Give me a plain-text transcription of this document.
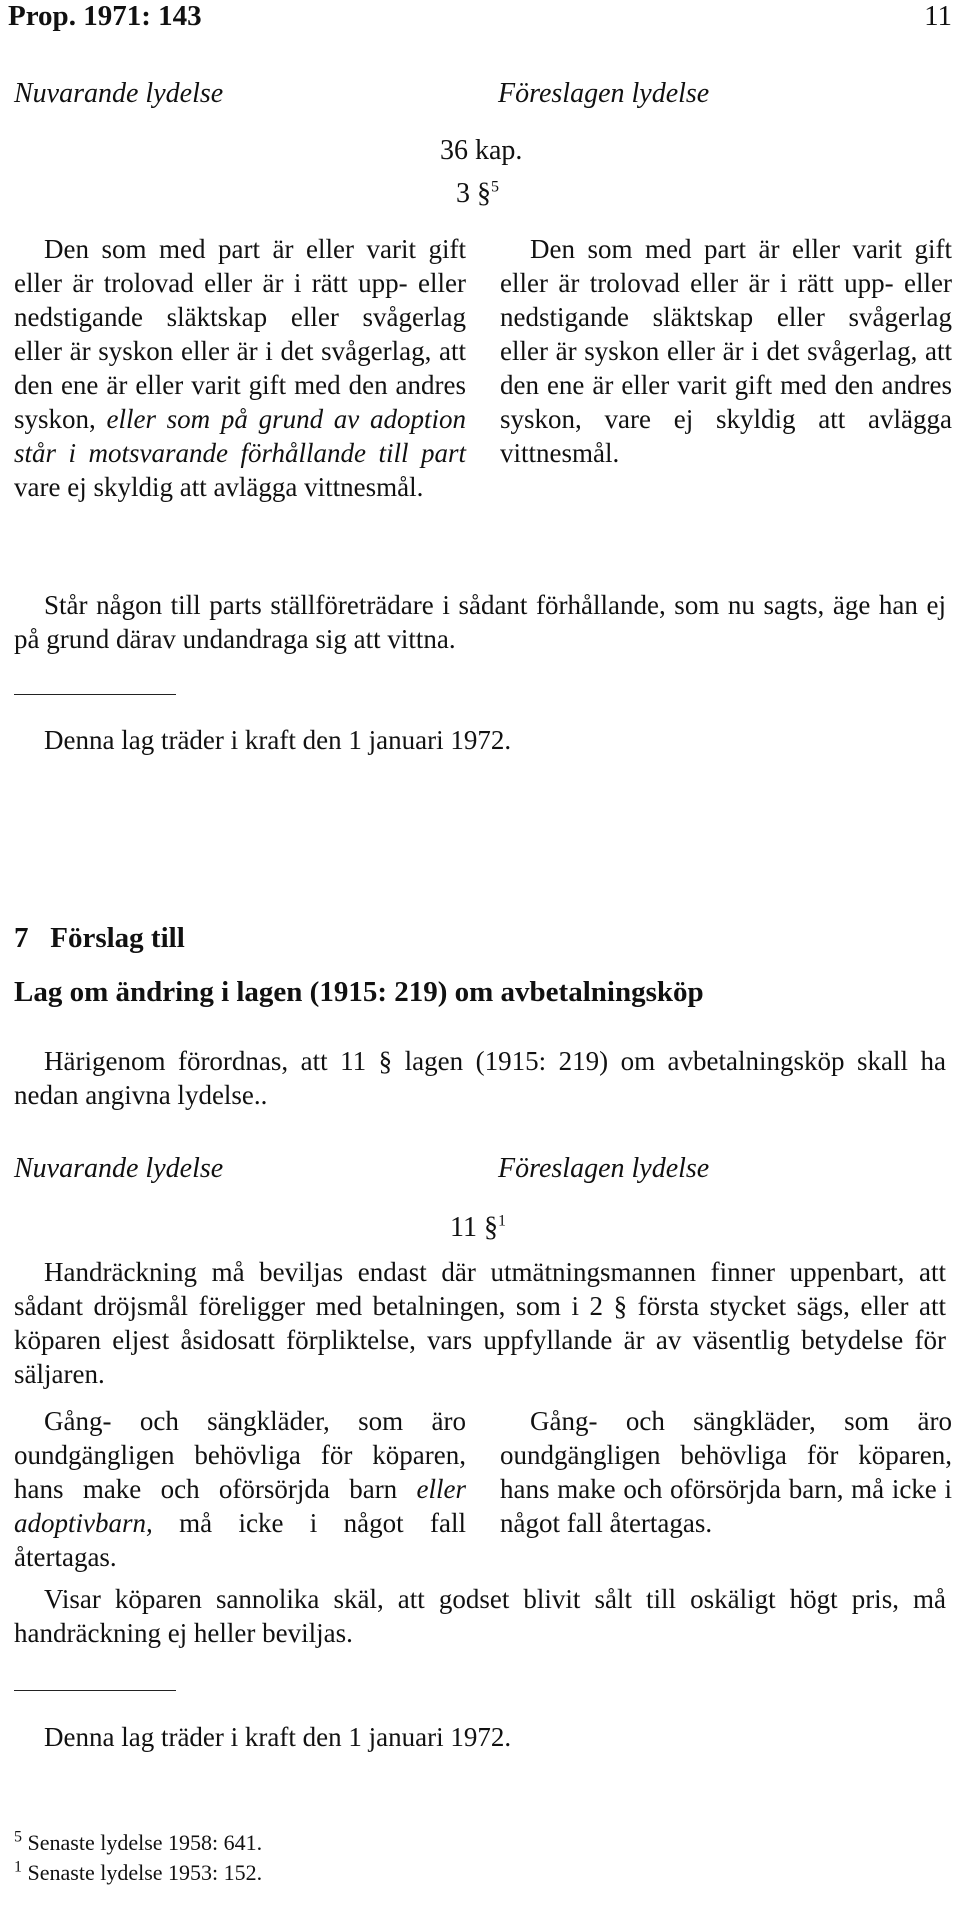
Prop. 1971: 143	11
Nuvarande lydelse	Föreslagen lydelse
36 kap.
3 §$^5$
Den som med part är eller varit gift eller är trolovad eller är i rätt upp- eller nedstigande släktskap eller svågerlag eller är syskon eller är i det svågerlag, att den ene är eller varit gift med den andres syskon, eller som på grund av adoption står i motsvarande förhållande till part vare ej skyldig att avlägga vittnesmål.
Den som med part är eller varit gift eller är trolovad eller är i rätt upp- eller nedstigande släktskap eller svågerlag eller är syskon eller är i det svågerlag, att den ene är eller varit gift med den andres syskon, vare ej skyldig att avlägga vittnesmål.
Står någon till parts ställföreträdare i sådant förhållande, som nu sagts, äge han ej på grund därav undandraga sig att vittna.
Denna lag träder i kraft den 1 januari 1972.
7 Förslag till
Lag om ändring i lagen (1915: 219) om avbetalningsköp
Härigenom förordnas, att 11 § lagen (1915: 219) om avbetalningsköp skall ha nedan angivna lydelse..
Nuvarande lydelse	Föreslagen lydelse
11 §$^1$
Handräckning må beviljas endast där utmätningsmannen finner uppenbart, att sådant dröjsmål föreligger med betalningen, som i 2 § första stycket sägs, eller att köparen eljest åsidosatt förpliktelse, vars uppfyllande är av väsentlig betydelse för säljaren.
Gång- och sängkläder, som äro oundgängligen behövliga för köparen, hans make och oförsörjda barn eller adoptivbarn, må icke i något fall återtagas.
Gång- och sängkläder, som äro oundgängligen behövliga för köparen, hans make och oförsörjda barn, må icke i något fall återtagas.
Visar köparen sannolika skäl, att godset blivit sålt till oskäligt högt pris, må handräckning ej heller beviljas.
Denna lag träder i kraft den 1 januari 1972.
$^5$ Senaste lydelse 1958: 641.
$^1$ Senaste lydelse 1953: 152.
